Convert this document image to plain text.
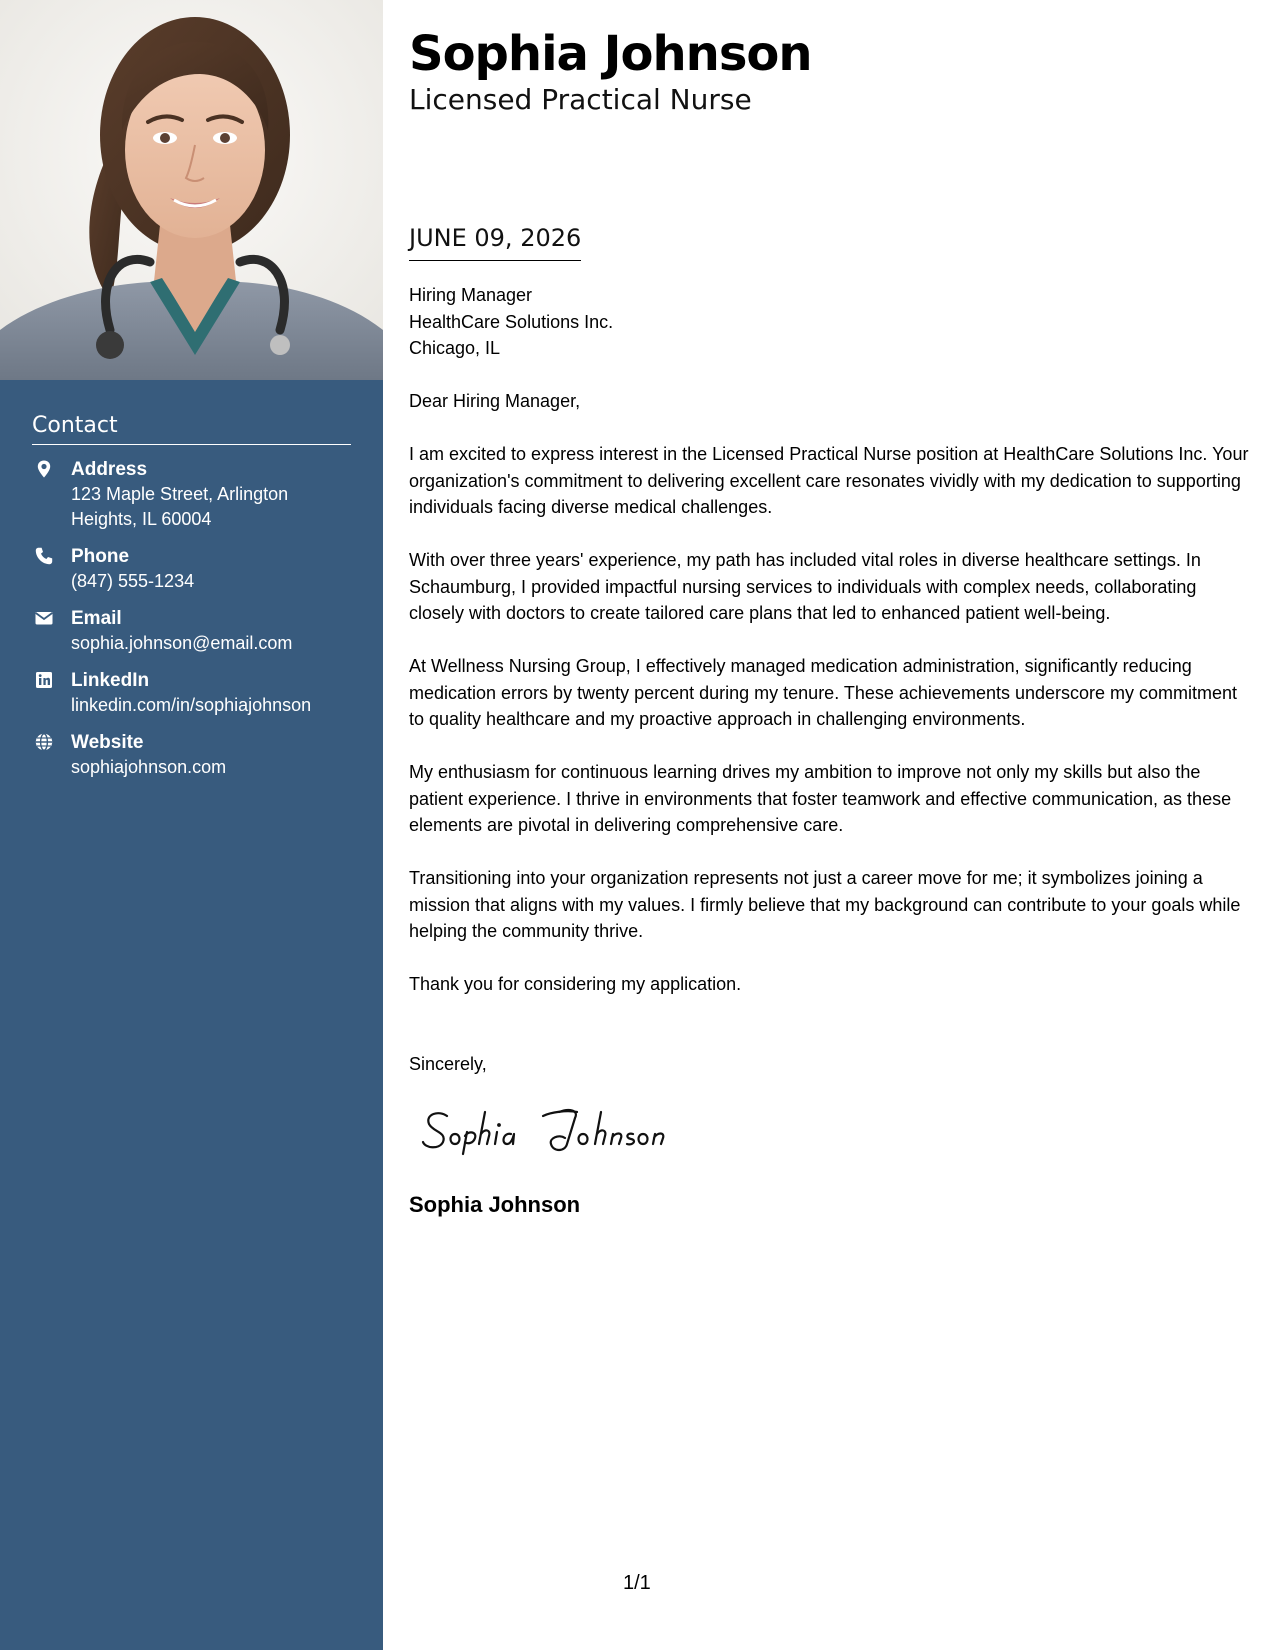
Contact
Address
123 Maple Street, Arlington Heights, IL 60004
Phone
(847) 555-1234
Email
sophia.johnson@email.com
LinkedIn
linkedin.com/in/sophiajohnson
Website
sophiajohnson.com
Sophia Johnson
Licensed Practical Nurse
JUNE 09, 2026
Hiring Manager
HealthCare Solutions Inc.
Chicago, IL

Dear Hiring Manager,

I am excited to express interest in the Licensed Practical Nurse position at HealthCare Solutions Inc. Your organization's commitment to delivering excellent care resonates vividly with my dedication to supporting individuals facing diverse medical challenges.

With over three years' experience, my path has included vital roles in diverse healthcare settings. In Schaumburg, I provided impactful nursing services to individuals with complex needs, collaborating closely with doctors to create tailored care plans that led to enhanced patient well-being.

At Wellness Nursing Group, I effectively managed medication administration, significantly reducing medication errors by twenty percent during my tenure. These achievements underscore my commitment to quality healthcare and my proactive approach in challenging environments.

My enthusiasm for continuous learning drives my ambition to improve not only my skills but also the patient experience. I thrive in environments that foster teamwork and effective communication, as these elements are pivotal in delivering comprehensive care.

Transitioning into your organization represents not just a career move for me; it symbolizes joining a mission that aligns with my values. I firmly believe that my background can contribute to your goals while helping the community thrive.

Thank you for considering my application.

Sincerely,

Sophia Johnson
1/1
